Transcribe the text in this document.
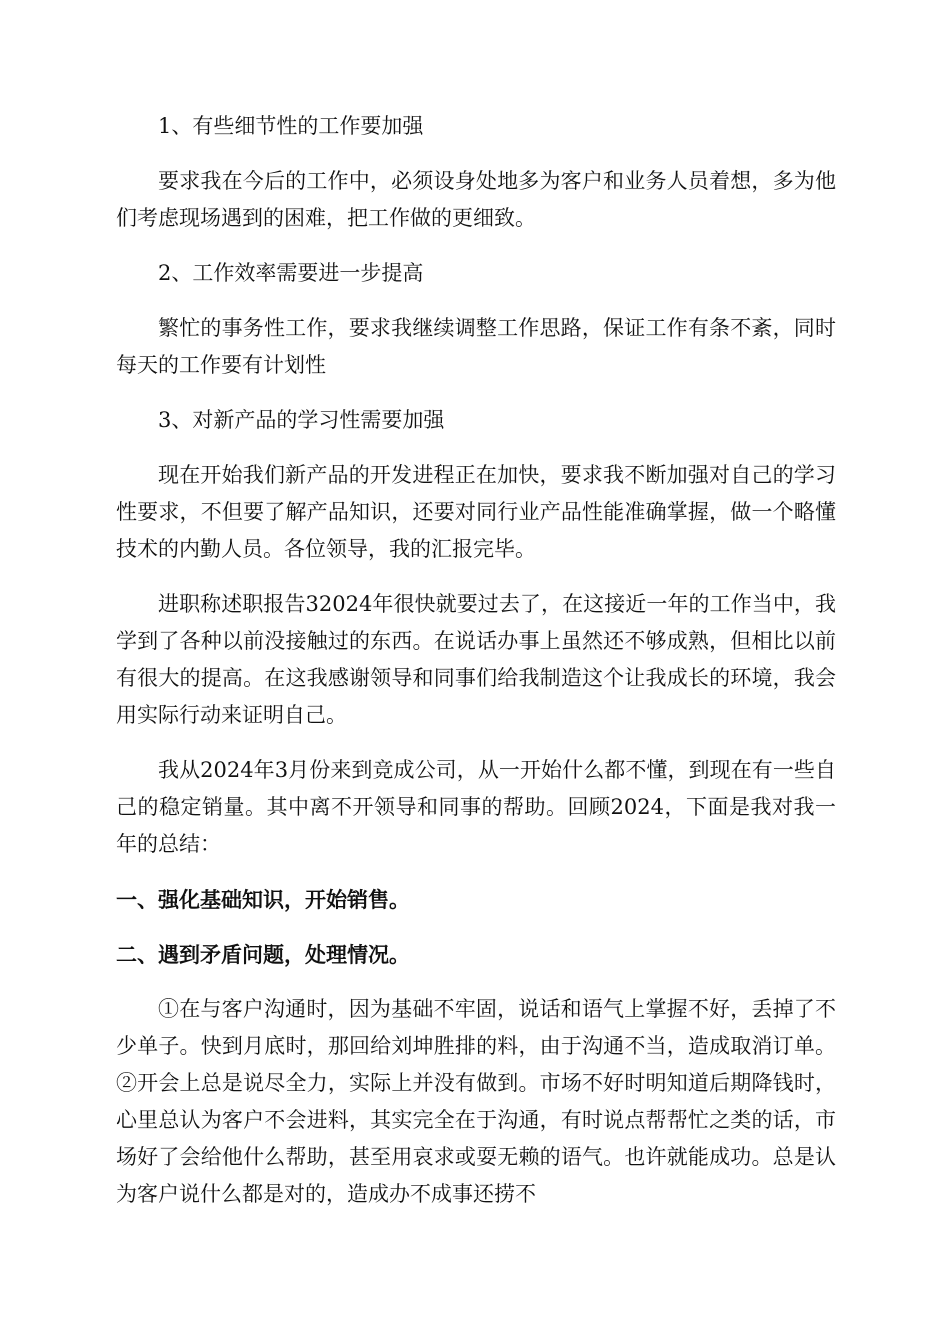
1、有些细节性的工作要加强

要求我在今后的工作中，必须设身处地多为客户和业务人员着想，多为他们考虑现场遇到的困难，把工作做的更细致。

2、工作效率需要进一步提高

繁忙的事务性工作，要求我继续调整工作思路，保证工作有条不紊，同时每天的工作要有计划性

3、对新产品的学习性需要加强

现在开始我们新产品的开发进程正在加快，要求我不断加强对自己的学习性要求，不但要了解产品知识，还要对同行业产品性能准确掌握，做一个略懂技术的内勤人员。各位领导，我的汇报完毕。

进职称述职报告32024年很快就要过去了，在这接近一年的工作当中，我学到了各种以前没接触过的东西。在说话办事上虽然还不够成熟，但相比以前有很大的提高。在这我感谢领导和同事们给我制造这个让我成长的环境，我会用实际行动来证明自己。

我从2024年3月份来到竞成公司，从一开始什么都不懂，到现在有一些自己的稳定销量。其中离不开领导和同事的帮助。回顾2024，下面是我对我一年的总结：

一、强化基础知识，开始销售。

二、遇到矛盾问题，处理情况。

①在与客户沟通时，因为基础不牢固，说话和语气上掌握不好，丢掉了不少单子。快到月底时，那回给刘坤胜排的料，由于沟通不当，造成取消订单。②开会上总是说尽全力，实际上并没有做到。市场不好时明知道后期降钱时，心里总认为客户不会进料，其实完全在于沟通，有时说点帮帮忙之类的话，市场好了会给他什么帮助，甚至用哀求或耍无赖的语气。也许就能成功。总是认为客户说什么都是对的，造成办不成事还捞不
